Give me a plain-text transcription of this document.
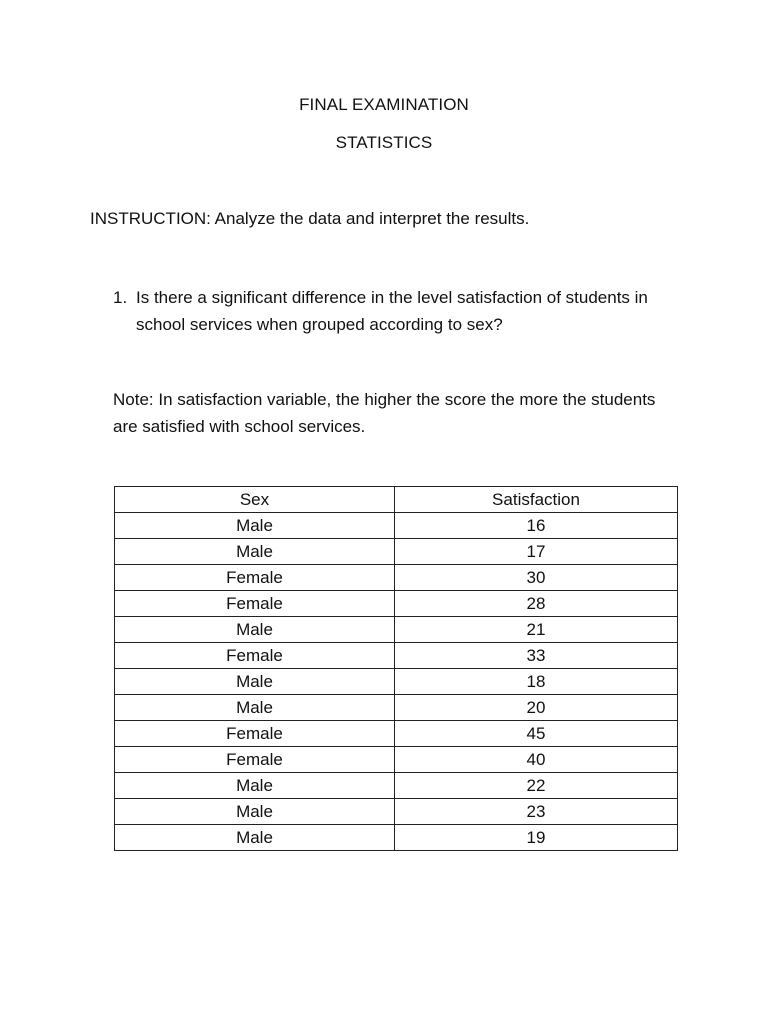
FINAL EXAMINATION
STATISTICS
INSTRUCTION: Analyze the data and interpret the results.
1. Is there a significant difference in the level satisfaction of students in school services when grouped according to sex?
Note: In satisfaction variable, the higher the score the more the students are satisfied with school services.
Sex	Satisfaction
Male	16
Male	17
Female	30
Female	28
Male	21
Female	33
Male	18
Male	20
Female	45
Female	40
Male	22
Male	23
Male	19
